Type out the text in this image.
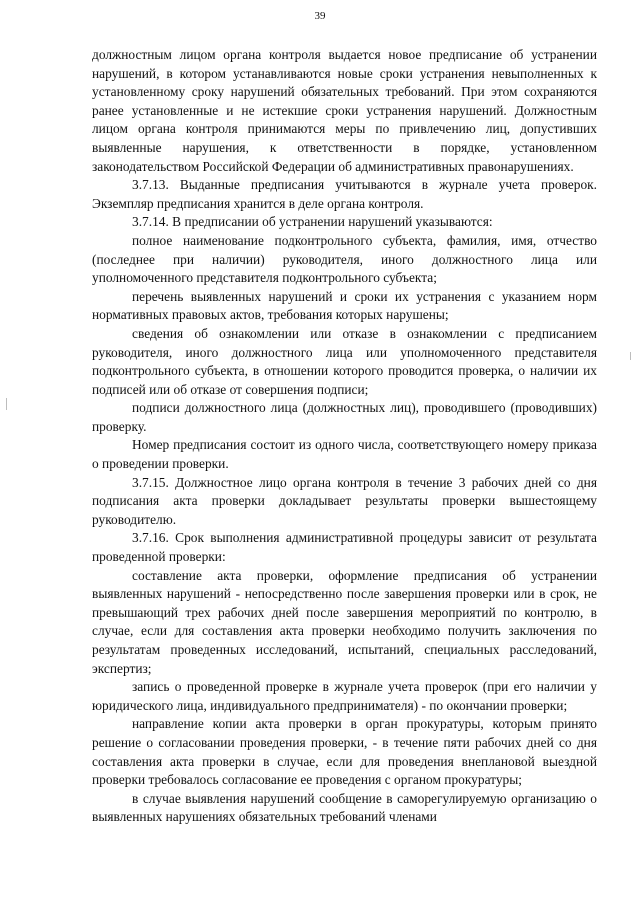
39

должностным лицом органа контроля выдается новое предписание об устранении нарушений, в котором устанавливаются новые сроки устранения невыполненных к установленному сроку нарушений обязательных требований. При этом сохраняются ранее установленные и не истекшие сроки устранения нарушений. Должностным лицом органа контроля принимаются меры по привлечению лиц, допустивших выявленные нарушения, к ответственности в порядке, установленном законодательством Российской Федерации об административных правонарушениях.

3.7.13. Выданные предписания учитываются в журнале учета проверок. Экземпляр предписания хранится в деле органа контроля.

3.7.14. В предписании об устранении нарушений указываются:

полное наименование подконтрольного субъекта, фамилия, имя, отчество (последнее при наличии) руководителя, иного должностного лица или уполномоченного представителя подконтрольного субъекта;

перечень выявленных нарушений и сроки их устранения с указанием норм нормативных правовых актов, требования которых нарушены;

сведения об ознакомлении или отказе в ознакомлении с предписанием руководителя, иного должностного лица или уполномоченного представителя подконтрольного субъекта, в отношении которого проводится проверка, о наличии их подписей или об отказе от совершения подписи;

подписи должностного лица (должностных лиц), проводившего (проводивших) проверку.

Номер предписания состоит из одного числа, соответствующего номеру приказа о проведении проверки.

3.7.15. Должностное лицо органа контроля в течение 3 рабочих дней со дня подписания акта проверки докладывает результаты проверки вышестоящему руководителю.

3.7.16. Срок выполнения административной процедуры зависит от результата проведенной проверки:

составление акта проверки, оформление предписания об устранении выявленных нарушений - непосредственно после завершения проверки или в срок, не превышающий трех рабочих дней после завершения мероприятий по контролю, в случае, если для составления акта проверки необходимо получить заключения по результатам проведенных исследований, испытаний, специальных расследований, экспертиз;

запись о проведенной проверке в журнале учета проверок (при его наличии у юридического лица, индивидуального предпринимателя) - по окончании проверки;

направление копии акта проверки в орган прокуратуры, которым принято решение о согласовании проведения проверки, - в течение пяти рабочих дней со дня составления акта проверки в случае, если для проведения внеплановой выездной проверки требовалось согласование ее проведения с органом прокуратуры;

в случае выявления нарушений сообщение в саморегулируемую организацию о выявленных нарушениях обязательных требований членами
